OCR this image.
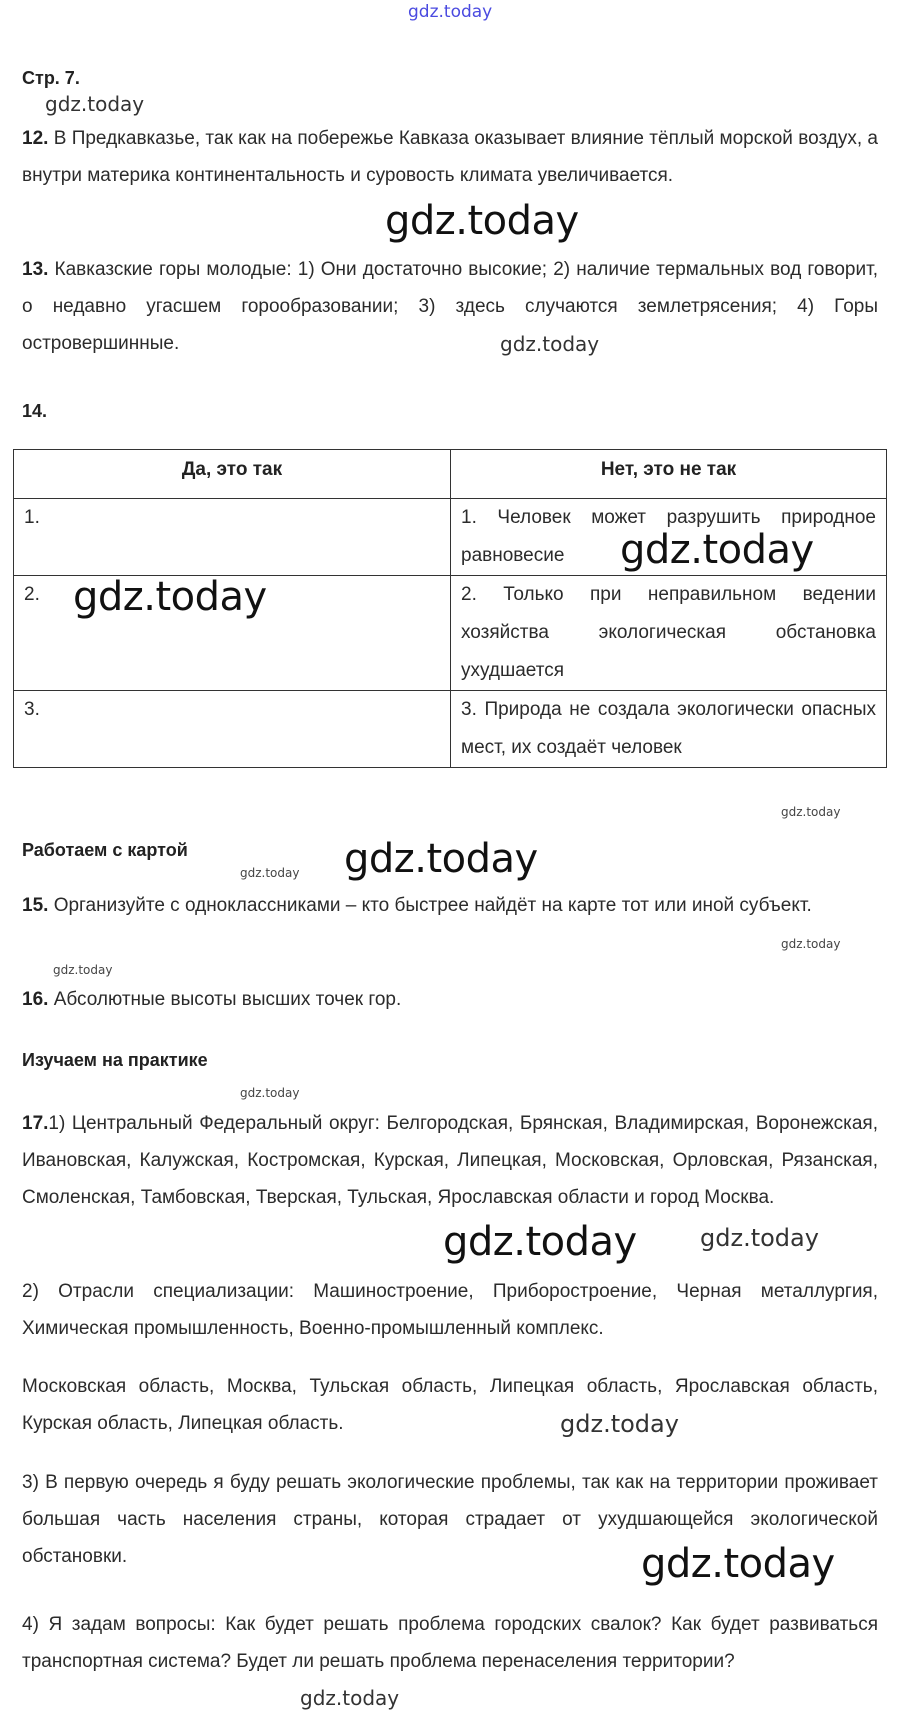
gdz.today
Стр. 7.
gdz.today
12. В Предкавказье, так как на побережье Кавказа оказывает влияние тёплый морской воздух, а внутри материка континентальность и суровость климата увеличивается.
gdz.today
13. Кавказские горы молодые: 1) Они достаточно высокие; 2) наличие термальных вод говорит, о недавно угасшем горообразовании; 3) здесь случаются землетрясения; 4) Горы островершинные.	gdz.today
14.
Да, это так	Нет, это не так
1.	1. Человек может разрушить природное равновесие
2.	2. Только при неправильном ведении хозяйства экологическая обстановка ухудшается
3.	3. Природа не создала экологически опасных мест, их создаёт человек
gdz.today
gdz.today
gdz.today
Работаем с картой	gdz.today
gdz.today
15. Организуйте с одноклассниками – кто быстрее найдёт на карте тот или иной субъект.
gdz.today
gdz.today
16. Абсолютные высоты высших точек гор.
Изучаем на практике
gdz.today
17.1) Центральный Федеральный округ: Белгородская, Брянская, Владимирская, Воронежская, Ивановская, Калужская, Костромская, Курская, Липецкая, Московская, Орловская, Рязанская, Смоленская, Тамбовская, Тверская, Тульская, Ярославская области и город Москва.
gdz.today	gdz.today
2) Отрасли специализации: Машиностроение, Приборостроение, Черная металлургия, Химическая промышленность, Военно-промышленный комплекс.
Московская область, Москва, Тульская область, Липецкая область, Ярославская область, Курская область, Липецкая область.	gdz.today
3) В первую очередь я буду решать экологические проблемы, так как на территории проживает большая часть населения страны, которая страдает от ухудшающейся экологической обстановки.	gdz.today
4) Я задам вопросы: Как будет решать проблема городских свалок? Как будет развиваться транспортная система? Будет ли решать проблема перенаселения территории?
gdz.today
